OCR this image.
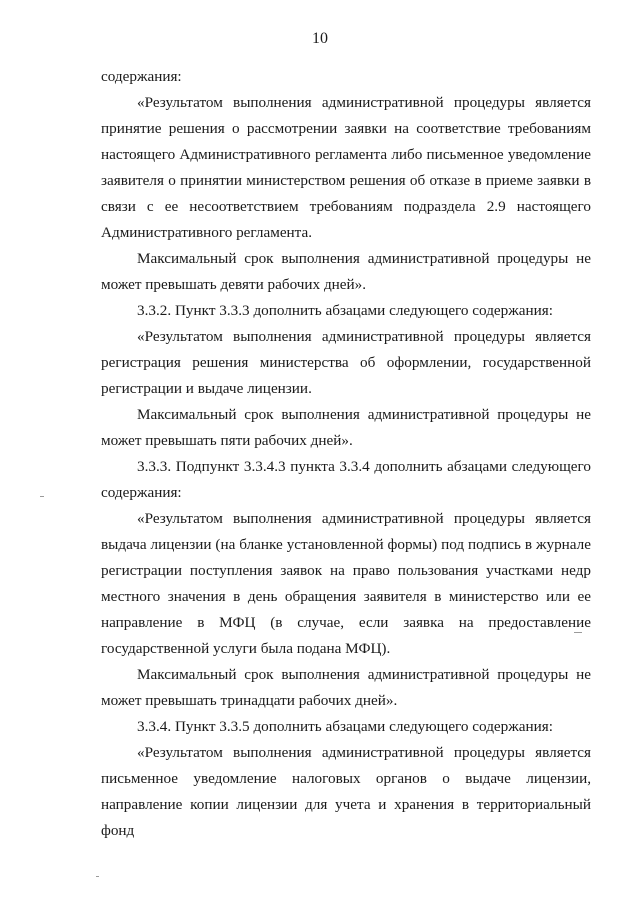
10

содержания:

«Результатом выполнения административной процедуры является принятие решения о рассмотрении заявки на соответствие требованиям настоящего Административного регламента либо письменное уведомление заявителя о принятии министерством решения об отказе в приеме заявки в связи с ее несоответствием требованиям подраздела 2.9 настоящего Административного регламента.

Максимальный срок выполнения административной процедуры не может превышать девяти рабочих дней».

3.3.2. Пункт 3.3.3 дополнить абзацами следующего содержания:

«Результатом выполнения административной процедуры является регистрация решения министерства об оформлении, государственной регистрации и выдаче лицензии.

Максимальный срок выполнения административной процедуры не может превышать пяти рабочих дней».

3.3.3. Подпункт 3.3.4.3 пункта 3.3.4 дополнить абзацами следующего содержания:

«Результатом выполнения административной процедуры является выдача лицензии (на бланке установленной формы) под подпись в журнале регистрации поступления заявок на право пользования участками недр местного значения в день обращения заявителя в министерство или ее направление в МФЦ (в случае, если заявка на предоставление государственной услуги была подана МФЦ).

Максимальный срок выполнения административной процедуры не может превышать тринадцати рабочих дней».

3.3.4. Пункт 3.3.5 дополнить абзацами следующего содержания:

«Результатом выполнения административной процедуры является письменное уведомление налоговых органов о выдаче лицензии, направление копии лицензии для учета и хранения в территориальный фонд
